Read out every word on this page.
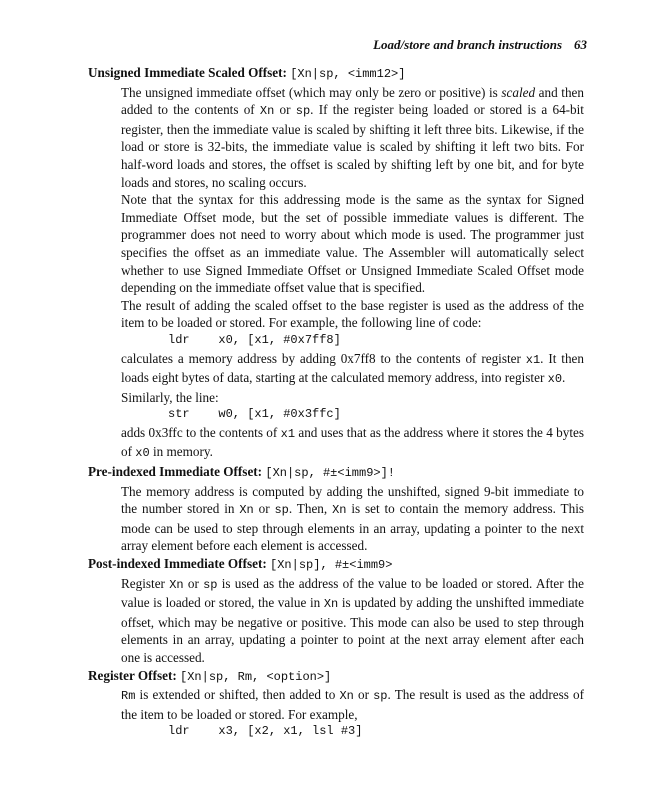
Load/store and branch instructions 63
Unsigned Immediate Scaled Offset: [Xn|sp, <imm12>]

The unsigned immediate offset (which may only be zero or positive) is scaled and then added to the contents of Xn or sp. If the register being loaded or stored is a 64-bit register, then the immediate value is scaled by shifting it left three bits. Likewise, if the load or store is 32-bits, the immediate value is scaled by shifting it left two bits. For half-word loads and stores, the offset is scaled by shifting left by one bit, and for byte loads and stores, no scaling occurs.

Note that the syntax for this addressing mode is the same as the syntax for Signed Immediate Offset mode, but the set of possible immediate values is different. The programmer does not need to worry about which mode is used. The programmer just specifies the offset as an immediate value. The Assembler will automatically select whether to use Signed Immediate Offset or Unsigned Immediate Scaled Offset mode depending on the immediate offset value that is specified.

The result of adding the scaled offset to the base register is used as the address of the item to be loaded or stored. For example, the following line of code:

ldr    x0, [x1, #0x7ff8]

calculates a memory address by adding 0x7ff8 to the contents of register x1. It then loads eight bytes of data, starting at the calculated memory address, into register x0.

Similarly, the line:

str    w0, [x1, #0x3ffc]

adds 0x3ffc to the contents of x1 and uses that as the address where it stores the 4 bytes of x0 in memory.

Pre-indexed Immediate Offset: [Xn|sp, #±<imm9>]!

The memory address is computed by adding the unshifted, signed 9-bit immediate to the number stored in Xn or sp. Then, Xn is set to contain the memory address. This mode can be used to step through elements in an array, updating a pointer to the next array element before each element is accessed.

Post-indexed Immediate Offset: [Xn|sp], #±<imm9>

Register Xn or sp is used as the address of the value to be loaded or stored. After the value is loaded or stored, the value in Xn is updated by adding the unshifted immediate offset, which may be negative or positive. This mode can also be used to step through elements in an array, updating a pointer to point at the next array element after each one is accessed.

Register Offset: [Xn|sp, Rm, <option>]

Rm is extended or shifted, then added to Xn or sp. The result is used as the address of the item to be loaded or stored. For example,

ldr    x3, [x2, x1, lsl #3]
